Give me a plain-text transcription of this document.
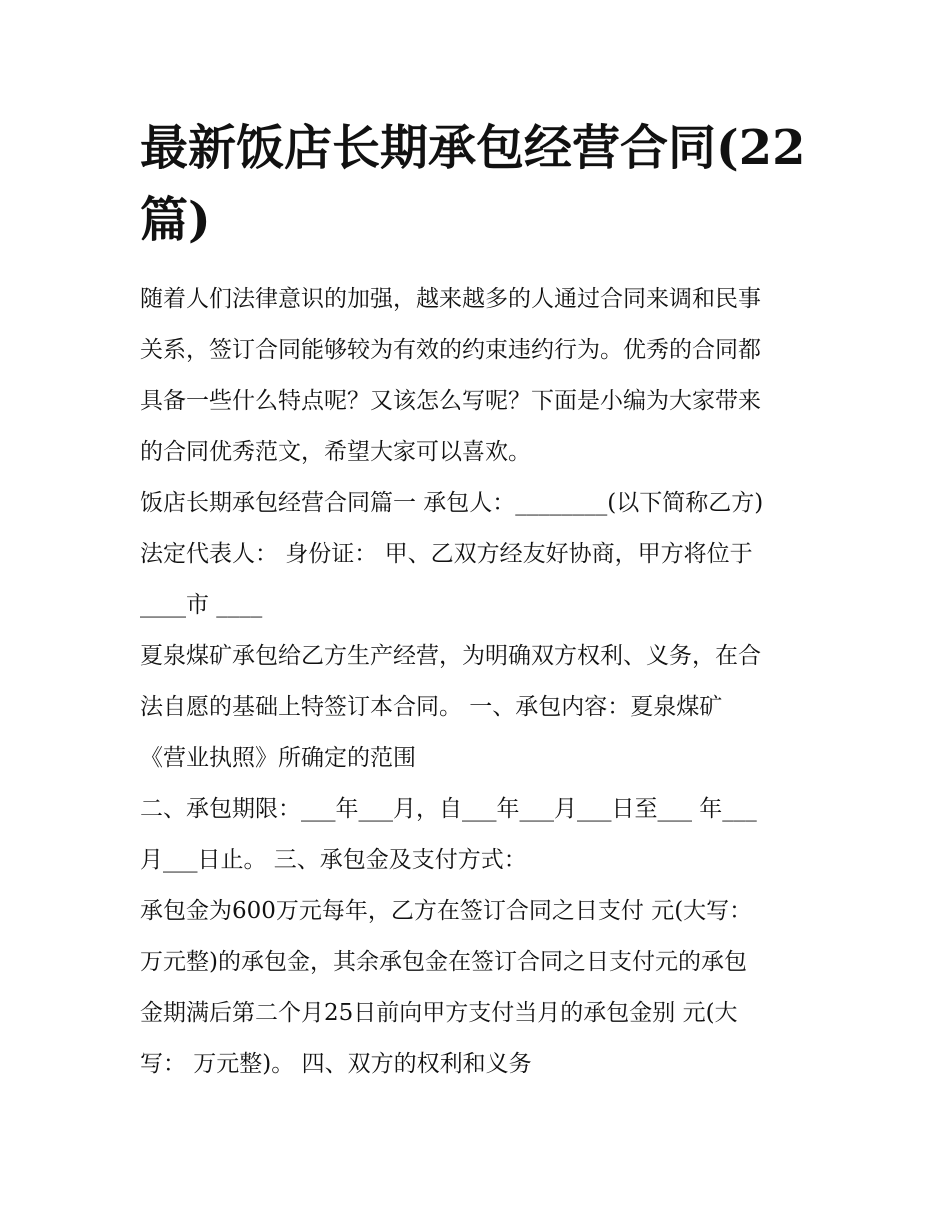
最新饭店长期承包经营合同(22
篇)

随着人们法律意识的加强，越来越多的人通过合同来调和民事
关系，签订合同能够较为有效的约束违约行为。优秀的合同都
具备一些什么特点呢？又该怎么写呢？下面是小编为大家带来
的合同优秀范文，希望大家可以喜欢。

饭店长期承包经营合同篇一 承包人：________(以下简称乙方)
法定代表人： 身份证： 甲、乙双方经友好协商，甲方将位于
____市 ____

夏泉煤矿承包给乙方生产经营，为明确双方权利、义务，在合
法自愿的基础上特签订本合同。 一、承包内容：夏泉煤矿
《营业执照》所确定的范围

二、承包期限：___年___月，自___年___月___日至___ 年___
月___日止。 三、承包金及支付方式：

承包金为600万元每年，乙方在签订合同之日支付 元(大写：
万元整)的承包金，其余承包金在签订合同之日支付元的承包
金期满后第二个月25日前向甲方支付当月的承包金别 元(大
写： 万元整)。 四、双方的权利和义务
